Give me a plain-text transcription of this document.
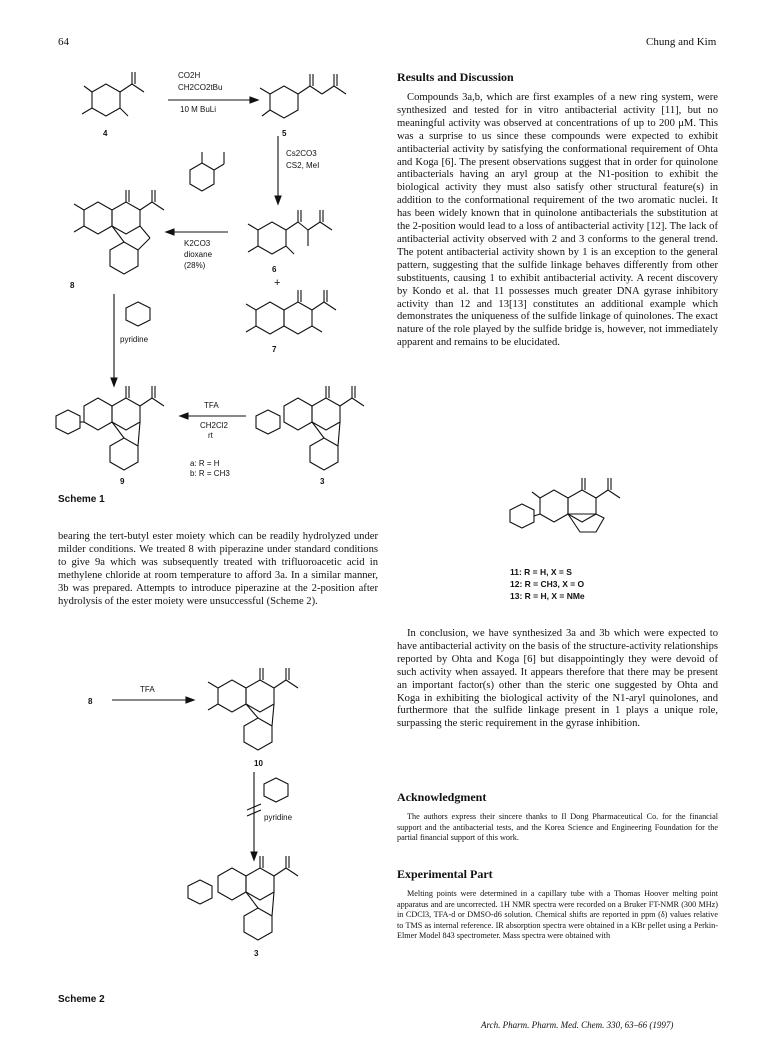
64	Chung and Kim
4
CO2H
CH2CO2tBu
10 M BuLi
5
Cs2CO3
CS2, MeI
6
+
7
K2CO3
dioxane
(28%)
8
pyridine
TFA
CH2Cl2
rt
a: R = H
b: R = CH3
9	3
Scheme 1

bearing the tert-butyl ester moiety which can be readily hydrolyzed under milder conditions. We treated 8 with piperazine under standard conditions to give 9a which was subsequently treated with trifluoroacetic acid in methylene chloride at room temperature to afford 3a. In a similar manner, 3b was prepared. Attempts to introduce piperazine at the 2-position after hydrolysis of the ester moiety were unsuccessful (Scheme 2).

8
TFA
10
pyridine
3
Scheme 2
Results and Discussion

Compounds 3a,b, which are first examples of a new ring system, were synthesized and tested for in vitro antibacterial activity [11], but no meaningful activity was observed at concentrations of up to 200 μM. This was a surprise to us since these compounds were expected to exhibit antibacterial activity by satisfying the conformational requirement of Ohta and Koga [6]. The present observations suggest that in order for quinolone antibacterials having an aryl group at the N1-position to exhibit the biological activity they must also satisfy other structural feature(s) in addition to the conformational requirement of the two aromatic nuclei. It has been widely known that in quinolone antibacterials the substitution at the 2-position would lead to a loss of antibacterial activity [12]. The lack of antibacterial activity observed with 2 and 3 conforms to the general trend. The potent antibacterial activity shown by 1 is an exception to the general pattern, suggesting that the sulfide linkage behaves differently from other substituents, causing 1 to exhibit antibacterial activity. A recent discovery by Kondo et al. that 11 possesses much greater DNA gyrase inhibitory activity than 12 and 13[13] constitutes an additional example which demonstrates the uniqueness of the sulfide linkage of quinolones. The exact nature of the role played by the sulfide bridge is, however, not immediately apparent and remains to be elucidated.

11: R = H, X = S
12: R = CH3, X = O
13: R = H, X = NMe

In conclusion, we have synthesized 3a and 3b which were expected to have antibacterial activity on the basis of the structure-activity relationships reported by Ohta and Koga [6] but disappointingly they were devoid of such activity when assayed. It appears therefore that there may be present an important factor(s) other than the steric one suggested by Ohta and Koga in exhibiting the biological activity of the N1-aryl quinolones, and furthermore that the sulfide linkage present in 1 plays a unique role, surpassing the steric requirement in the gyrase inhibition.

Acknowledgment

The authors express their sincere thanks to Il Dong Pharmaceutical Co. for the financial support and the antibacterial tests, and the Korea Science and Engineering Foundation for the partial financial support of this work.

Experimental Part

Melting points were determined in a capillary tube with a Thomas Hoover melting point apparatus and are uncorrected. 1H NMR spectra were recorded on a Bruker FT-NMR (300 MHz) in CDCl3, TFA-d or DMSO-d6 solution. Chemical shifts are reported in ppm (δ) values relative to TMS as internal reference. IR absorption spectra were obtained in a KBr pellet using a Perkin-Elmer Model 843 spectrometer. Mass spectra were obtained with

Arch. Pharm. Pharm. Med. Chem. 330, 63–66 (1997)
